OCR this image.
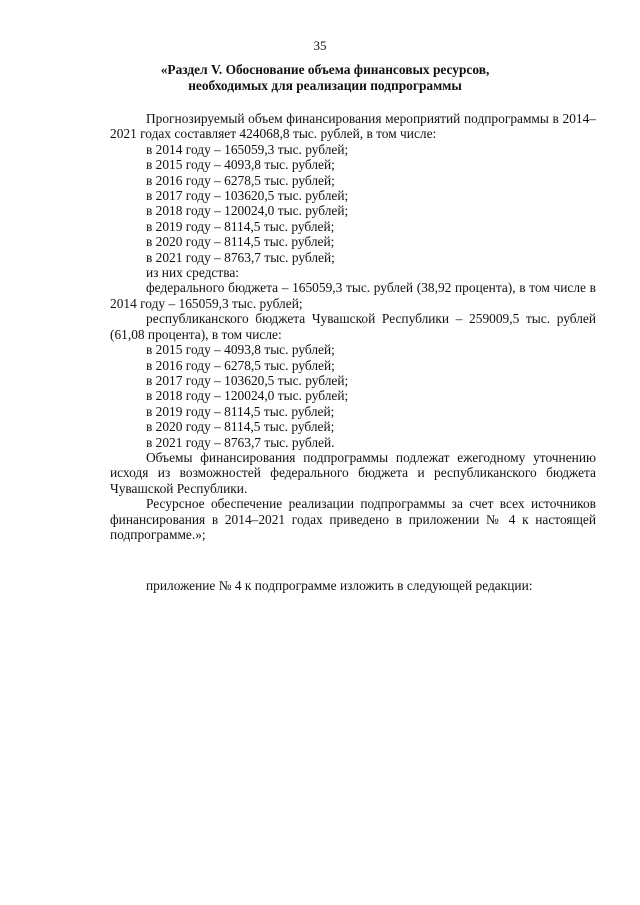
35
«Раздел V. Обоснование объема финансовых ресурсов,
необходимых для реализации подпрограммы

Прогнозируемый объем финансирования мероприятий подпрограммы в 2014–2021 годах составляет 424068,8 тыс. рублей, в том числе:

в 2014 году – 165059,3 тыс. рублей;

в 2015 году – 4093,8 тыс. рублей;

в 2016 году – 6278,5 тыс. рублей;

в 2017 году – 103620,5 тыс. рублей;

в 2018 году – 120024,0 тыс. рублей;

в 2019 году – 8114,5 тыс. рублей;

в 2020 году – 8114,5 тыс. рублей;

в 2021 году – 8763,7 тыс. рублей;

из них средства:

федерального бюджета – 165059,3 тыс. рублей (38,92 процента), в том числе в 2014 году – 165059,3 тыс. рублей;

республиканского бюджета Чувашской Республики – 259009,5 тыс. рублей (61,08 процента), в том числе:

в 2015 году – 4093,8 тыс. рублей;

в 2016 году – 6278,5 тыс. рублей;

в 2017 году – 103620,5 тыс. рублей;

в 2018 году – 120024,0 тыс. рублей;

в 2019 году – 8114,5 тыс. рублей;

в 2020 году – 8114,5 тыс. рублей;

в 2021 году – 8763,7 тыс. рублей.

Объемы финансирования подпрограммы подлежат ежегодному уточнению исходя из возможностей федерального бюджета и республиканского бюджета Чувашской Республики.

Ресурсное обеспечение реализации подпрограммы за счет всех источников финансирования в 2014–2021 годах приведено в приложении № 4 к настоящей подпрограмме.»;

приложение № 4 к подпрограмме изложить в следующей редакции:
